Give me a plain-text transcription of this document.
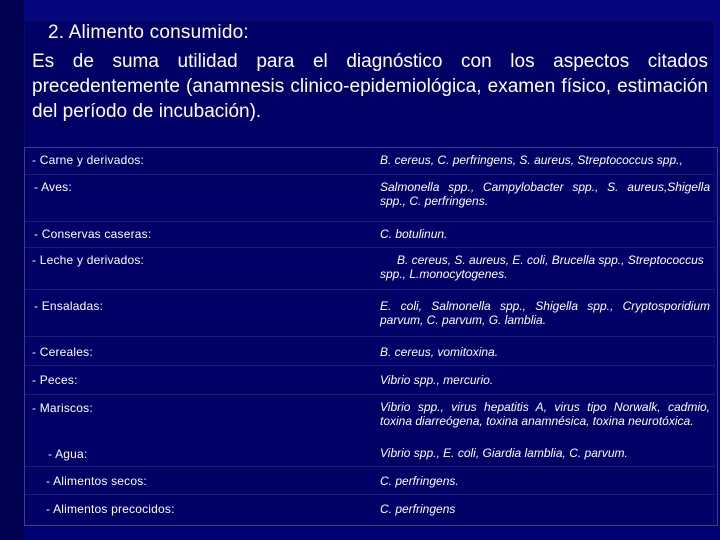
2. Alimento consumido:
Es de suma utilidad para el diagnóstico con los aspectos citados precedentemente (anamnesis clinico-epidemiológica, examen físico, estimación del período de incubación).
- Carne y derivados:	B. cereus, C. perfringens, S. aureus, Streptococcus spp.,
- Aves:	Salmonella spp., Campylobacter spp., S. aureus,Shigella spp., C. perfringens.
- Conservas caseras:	C. botulinun.
- Leche y derivados:	B. cereus, S. aureus, E. coli, Brucella spp., Streptococcus spp., L.monocytogenes.
- Ensaladas:	E. coli, Salmonella spp., Shigella spp., Cryptosporidium parvum, C. parvum, G. lamblia.
- Cereales:	B. cereus, vomitoxina.
- Peces:	Vibrio spp., mercurio.
- Mariscos:	Vibrio spp., virus hepatitis A, virus tipo Norwalk, cadmio, toxina diarreógena, toxina anamnésica, toxina neurotóxica.
- Agua:	Vibrio spp., E. coli, Giardia lamblia, C. parvum.
- Alimentos secos:	C. perfringens.
- Alimentos precocidos:	C. perfringens
